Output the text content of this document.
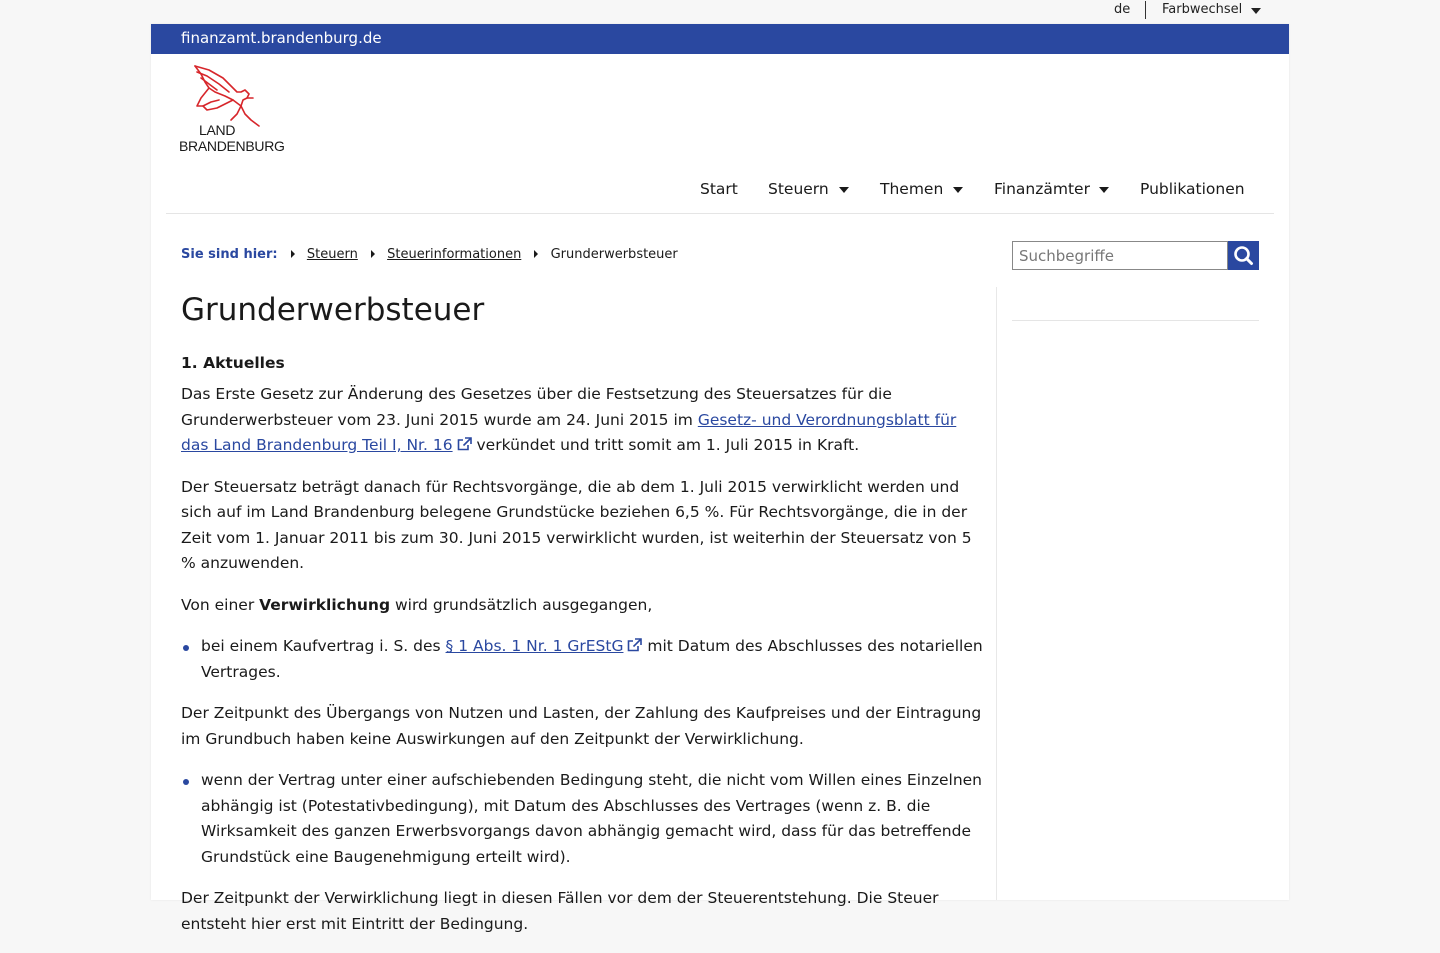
de Farbwechsel
finanzamt.brandenburg.de
LAND
BRANDENBURG
Start Steuern	Themen	Finanzämter	Publikationen
Sie sind hier: Steuern Steuerinformationen Grunderwerbsteuer
Suchbegriffe
Grunderwerbsteuer
1. Aktuelles

Das Erste Gesetz zur Änderung des Gesetzes über die Festsetzung des Steuersatzes für die Grunderwerbsteuer vom 23. Juni 2015 wurde am 24. Juni 2015 im Gesetz- und Verordnungsblatt für das Land Brandenburg Teil I, Nr. 16 verkündet und tritt somit am 1. Juli 2015 in Kraft.

Der Steuersatz beträgt danach für Rechtsvorgänge, die ab dem 1. Juli 2015 verwirklicht werden und sich auf im Land Brandenburg belegene Grundstücke beziehen 6,5 %. Für Rechtsvorgänge, die in der Zeit vom 1. Januar 2011 bis zum 30. Juni 2015 verwirklicht wurden, ist weiterhin der Steuersatz von 5 % anzuwenden.

Von einer Verwirklichung wird grundsätzlich ausgegangen,

bei einem Kaufvertrag i. S. des § 1 Abs. 1 Nr. 1 GrEStG mit Datum des Abschlusses des notariellen Vertrages.

Der Zeitpunkt des Übergangs von Nutzen und Lasten, der Zahlung des Kaufpreises und der Eintragung im Grundbuch haben keine Auswirkungen auf den Zeitpunkt der Verwirklichung.

wenn der Vertrag unter einer aufschiebenden Bedingung steht, die nicht vom Willen eines Einzelnen abhängig ist (Potestativbedingung), mit Datum des Abschlusses des Vertrages (wenn z. B. die Wirksamkeit des ganzen Erwerbsvorgangs davon abhängig gemacht wird, dass für das betreffende Grundstück eine Baugenehmigung erteilt wird).

Der Zeitpunkt der Verwirklichung liegt in diesen Fällen vor dem der Steuerentstehung. Die Steuer entsteht hier erst mit Eintritt der Bedingung.
